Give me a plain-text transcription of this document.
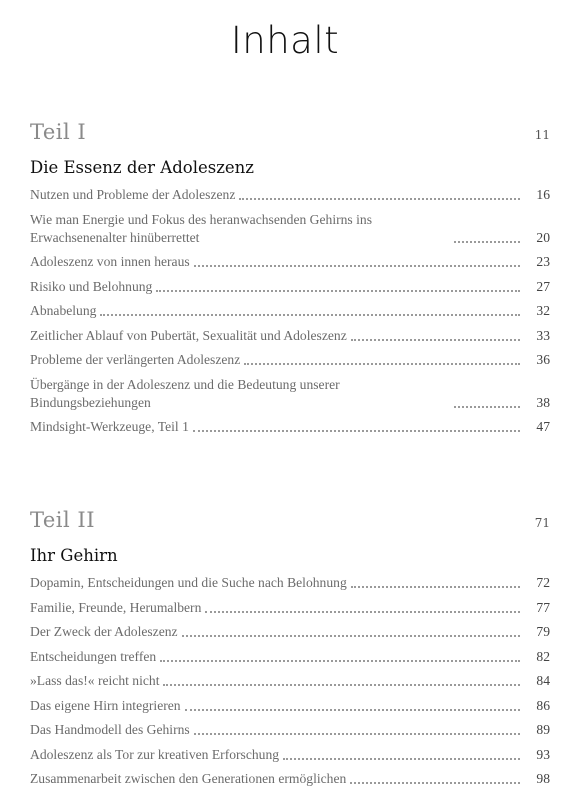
Inhalt
Teil I	11
Die Essenz der Adoleszenz
Nutzen und Probleme der Adoleszenz	16
Wie man Energie und Fokus des heranwachsenden Gehirns ins Erwachsenenalter hinüberrettet	20
Adoleszenz von innen heraus	23
Risiko und Belohnung	27
Abnabelung	32
Zeitlicher Ablauf von Pubertät, Sexualität und Adoleszenz	33
Probleme der verlängerten Adoleszenz	36
Übergänge in der Adoleszenz und die Bedeutung unserer Bindungsbeziehungen	38
Mindsight-Werkzeuge, Teil 1	47
Teil II	71
Ihr Gehirn
Dopamin, Entscheidungen und die Suche nach Belohnung	72
Familie, Freunde, Herumalbern	77
Der Zweck der Adoleszenz	79
Entscheidungen treffen	82
»Lass das!« reicht nicht	84
Das eigene Hirn integrieren	86
Das Handmodell des Gehirns	89
Adoleszenz als Tor zur kreativen Erforschung	93
Zusammenarbeit zwischen den Generationen ermöglichen	98
